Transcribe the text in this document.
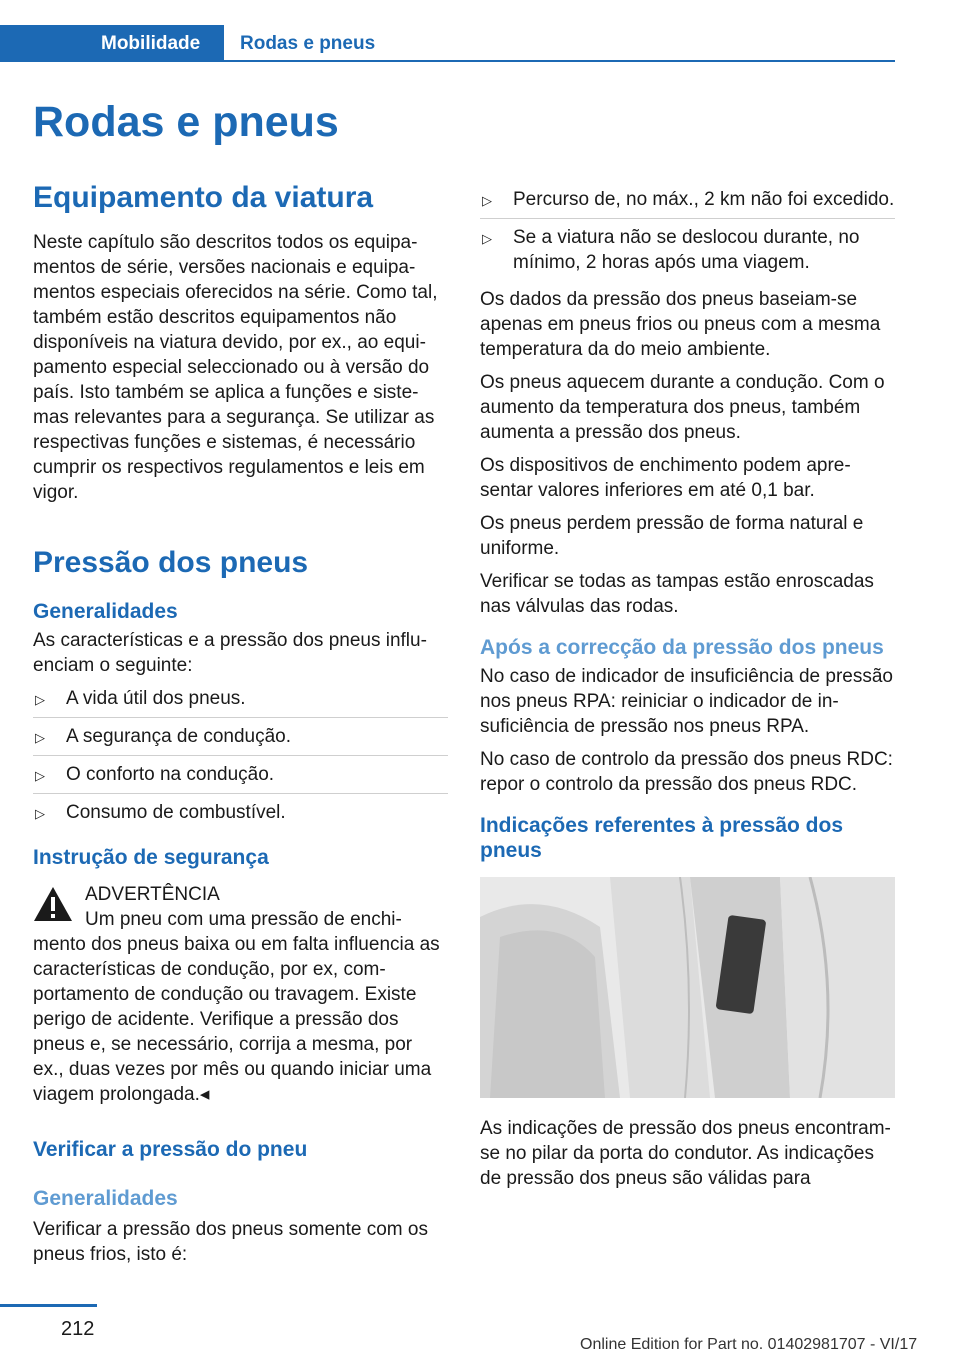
Mobilidade	Rodas e pneus
Rodas e pneus
Equipamento da viatura

Neste capítulo são descritos todos os equipamentos de série, versões nacionais e equipamentos especiais oferecidos na série. Como tal, também estão descritos equipamentos não disponíveis na viatura devido, por ex., ao equipamento especial seleccionado ou à versão do país. Isto também se aplica a funções e sistemas relevantes para a segurança. Se utilizar as respectivas funções e sistemas, é necessário cumprir os respectivos regulamentos e leis em vigor.

Pressão dos pneus
Generalidades

As características e a pressão dos pneus influenciam o seguinte:

▷ A vida útil dos pneus.
▷ A segurança de condução.
▷ O conforto na condução.
▷ Consumo de combustível.
Instrução de segurança
ADVERTÊNCIA
Um pneu com uma pressão de enchi-

mento dos pneus baixa ou em falta influencia as características de condução, por ex, comportamento de condução ou travagem. Existe perigo de acidente. Verifique a pressão dos pneus e, se necessário, corrija a mesma, por ex., duas vezes por mês ou quando iniciar uma viagem prolongada.◂

Verificar a pressão do pneu
Generalidades

Verificar a pressão dos pneus somente com os pneus frios, isto é:

▷ Percurso de, no máx., 2 km não foi excedido.
▷ Se a viatura não se deslocou durante, no mínimo, 2 horas após uma viagem.

Os dados da pressão dos pneus baseiam-se apenas em pneus frios ou pneus com a mesma temperatura da do meio ambiente.

Os pneus aquecem durante a condução. Com o aumento da temperatura dos pneus, também aumenta a pressão dos pneus.

Os dispositivos de enchimento podem apresentar valores inferiores em até 0,1 bar.

Os pneus perdem pressão de forma natural e uniforme.

Verificar se todas as tampas estão enroscadas nas válvulas das rodas.

Após a correcção da pressão dos pneus

No caso de indicador de insuficiência de pressão nos pneus RPA: reiniciar o indicador de insuficiência de pressão nos pneus RPA.

No caso de controlo da pressão dos pneus RDC: repor o controlo da pressão dos pneus RDC.

Indicações referentes à pressão dos pneus

As indicações de pressão dos pneus encontram-se no pilar da porta do condutor. As indicações de pressão dos pneus são válidas para

212
Online Edition for Part no. 01402981707 - VI/17
